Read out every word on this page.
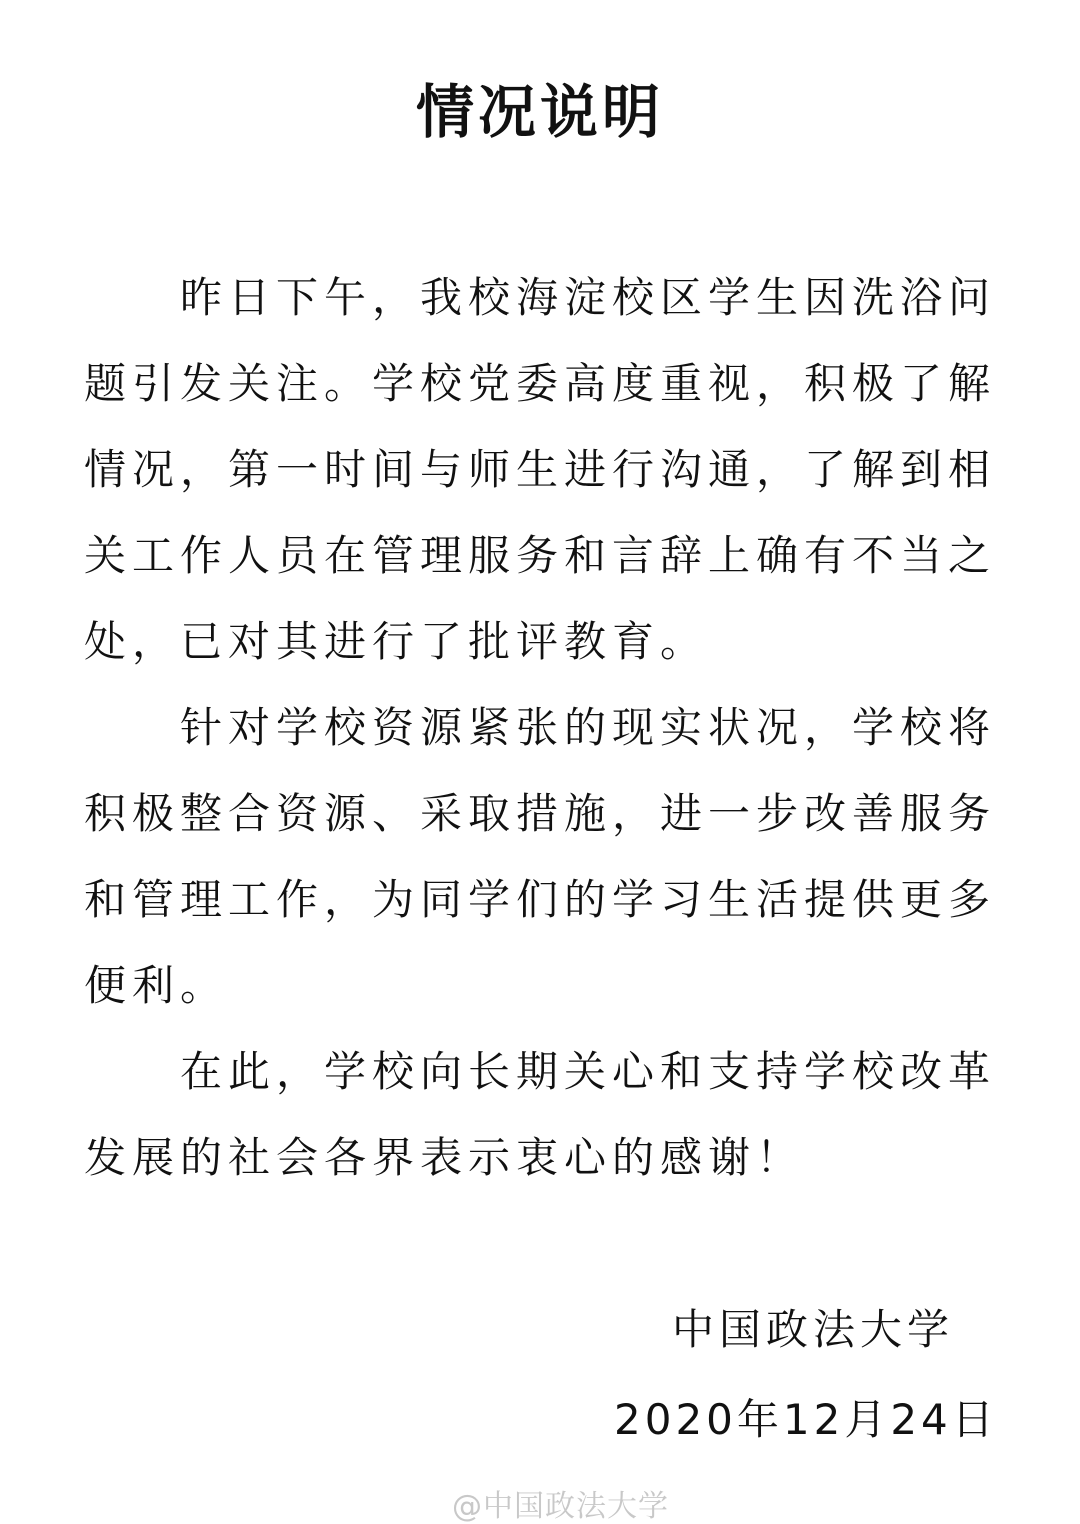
情况说明

昨日下午，我校海淀校区学生因洗浴问题引发关注。学校党委高度重视，积极了解情况，第一时间与师生进行沟通，了解到相关工作人员在管理服务和言辞上确有不当之处，已对其进行了批评教育。

针对学校资源紧张的现实状况，学校将积极整合资源、采取措施，进一步改善服务和管理工作，为同学们的学习生活提供更多便利。

在此，学校向长期关心和支持学校改革发展的社会各界表示衷心的感谢！

中国政法大学
2020年12月24日
@中国政法大学
